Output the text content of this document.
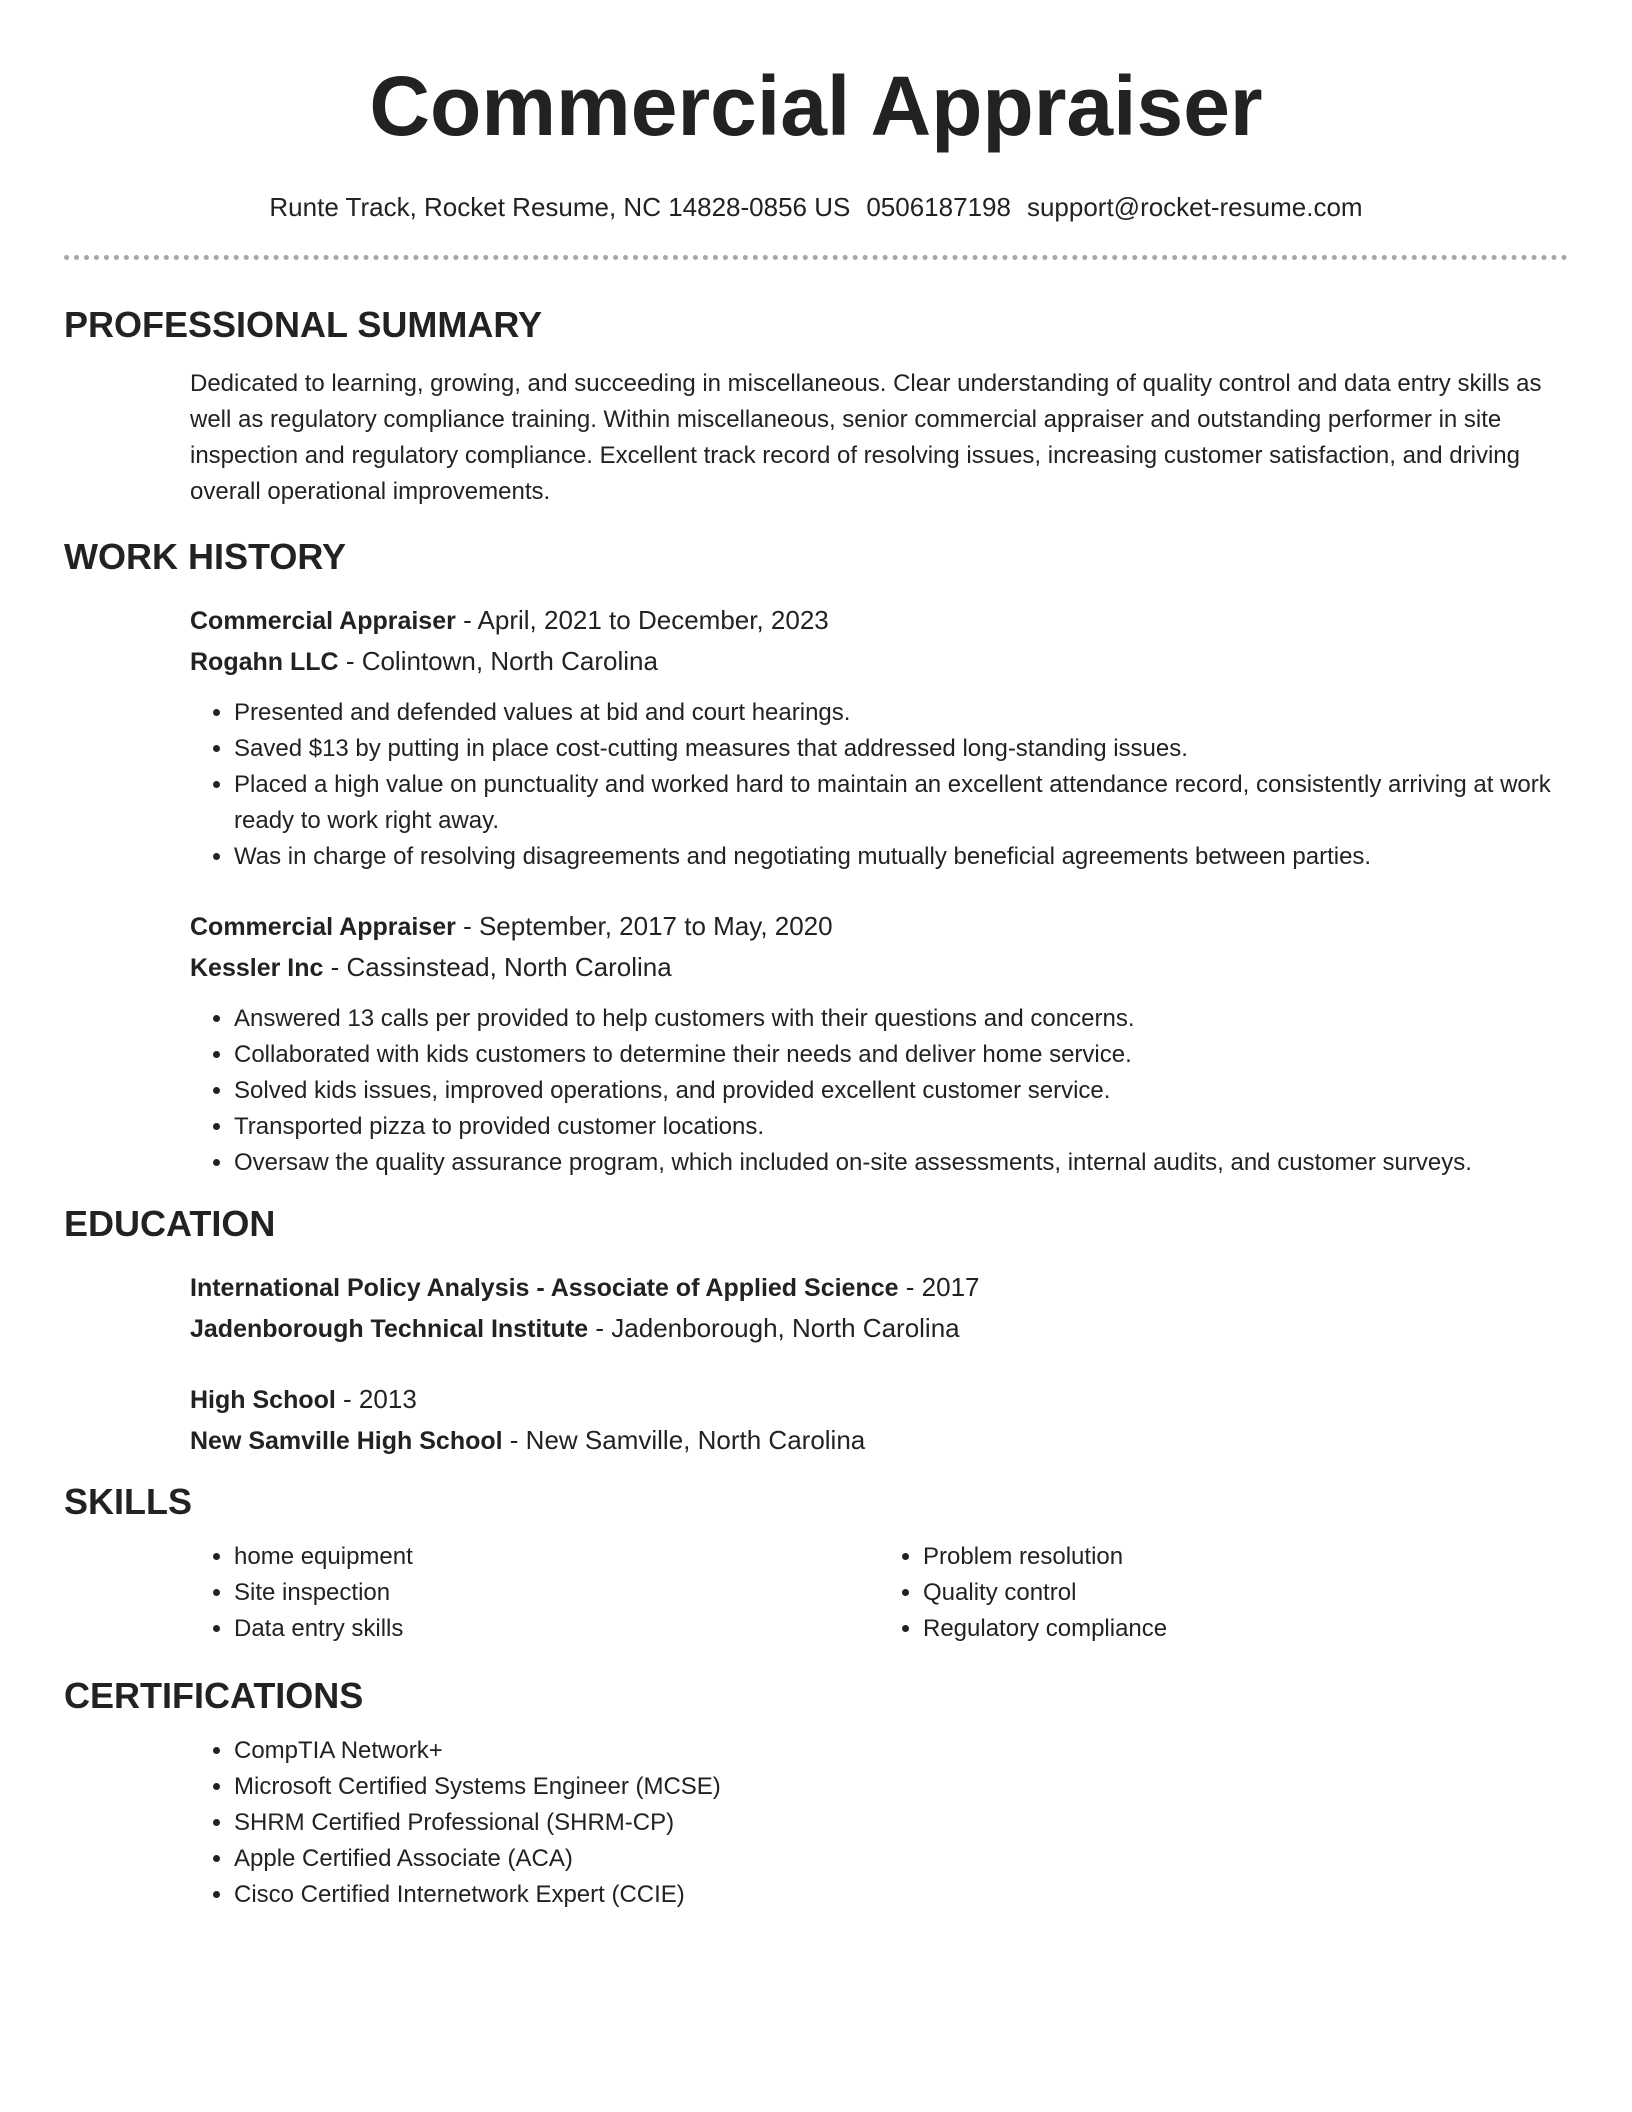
Commercial Appraiser
Runte Track, Rocket Resume, NC 14828-0856 US 0506187198 support@rocket-resume.com
PROFESSIONAL SUMMARY

Dedicated to learning, growing, and succeeding in miscellaneous. Clear understanding of quality control and data entry skills as well as regulatory compliance training. Within miscellaneous, senior commercial appraiser and outstanding performer in site inspection and regulatory compliance. Excellent track record of resolving issues, increasing customer satisfaction, and driving overall operational improvements.

WORK HISTORY
Commercial Appraiser - April, 2021 to December, 2023
Rogahn LLC - Colintown, North Carolina
• Presented and defended values at bid and court hearings.
• Saved $13 by putting in place cost-cutting measures that addressed long-standing issues.
• Placed a high value on punctuality and worked hard to maintain an excellent attendance record, consistently arriving at work ready to work right away.
• Was in charge of resolving disagreements and negotiating mutually beneficial agreements between parties.
Commercial Appraiser - September, 2017 to May, 2020
Kessler Inc - Cassinstead, North Carolina
• Answered 13 calls per provided to help customers with their questions and concerns.
• Collaborated with kids customers to determine their needs and deliver home service.
• Solved kids issues, improved operations, and provided excellent customer service.
• Transported pizza to provided customer locations.
• Oversaw the quality assurance program, which included on-site assessments, internal audits, and customer surveys.
EDUCATION
International Policy Analysis - Associate of Applied Science - 2017
Jadenborough Technical Institute - Jadenborough, North Carolina
High School - 2013
New Samville High School - New Samville, North Carolina
SKILLS
• home equipment
• Site inspection
• Data entry skills
• Problem resolution
• Quality control
• Regulatory compliance
CERTIFICATIONS
• CompTIA Network+
• Microsoft Certified Systems Engineer (MCSE)
• SHRM Certified Professional (SHRM-CP)
• Apple Certified Associate (ACA)
• Cisco Certified Internetwork Expert (CCIE)
